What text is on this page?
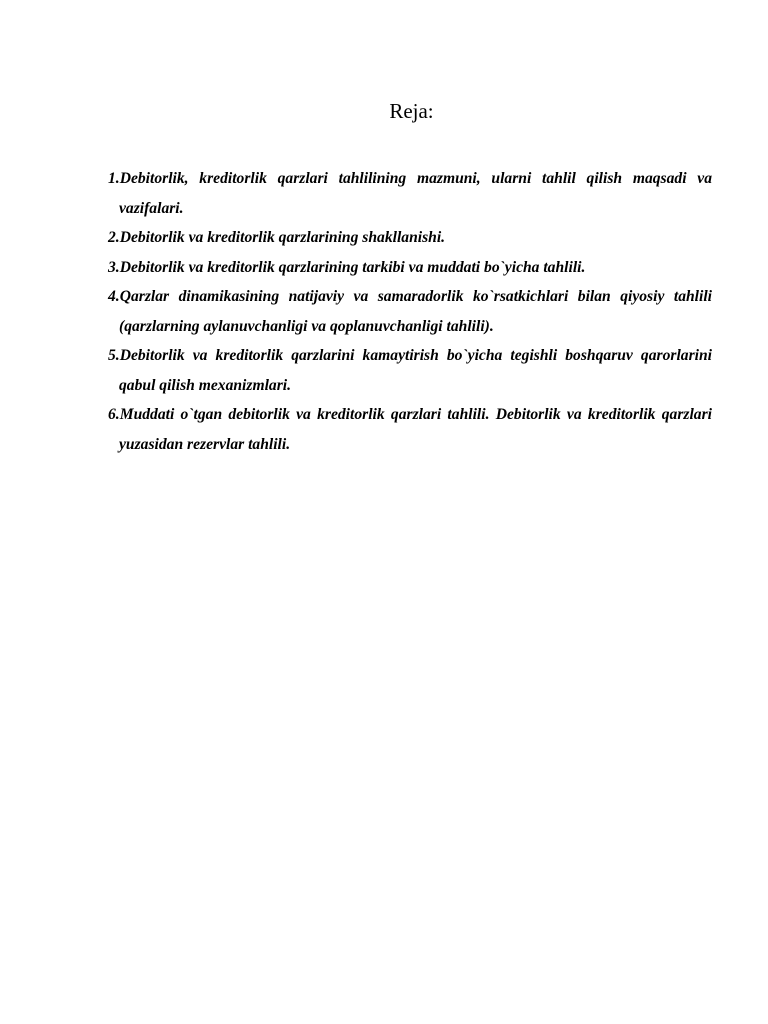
Reja:
1.Debitorlik, kreditorlik qarzlari tahlilining mazmuni, ularni tahlil qilish maqsadi va vazifalari.
2.Debitorlik va kreditorlik qarzlarining shakllanishi.
3.Debitorlik va kreditorlik qarzlarining tarkibi va muddati bo`yicha tahlili.
4.Qarzlar dinamikasining natijaviy va samaradorlik ko`rsatkichlari bilan qiyosiy tahlili (qarzlarning aylanuvchanligi va qoplanuvchanligi tahlili).
5.Debitorlik va kreditorlik qarzlarini kamaytirish bo`yicha tegishli boshqaruv qarorlarini qabul qilish mexanizmlari.
6.Muddati o`tgan debitorlik va kreditorlik qarzlari tahlili. Debitorlik va kreditorlik qarzlari yuzasidan rezervlar tahlili.
